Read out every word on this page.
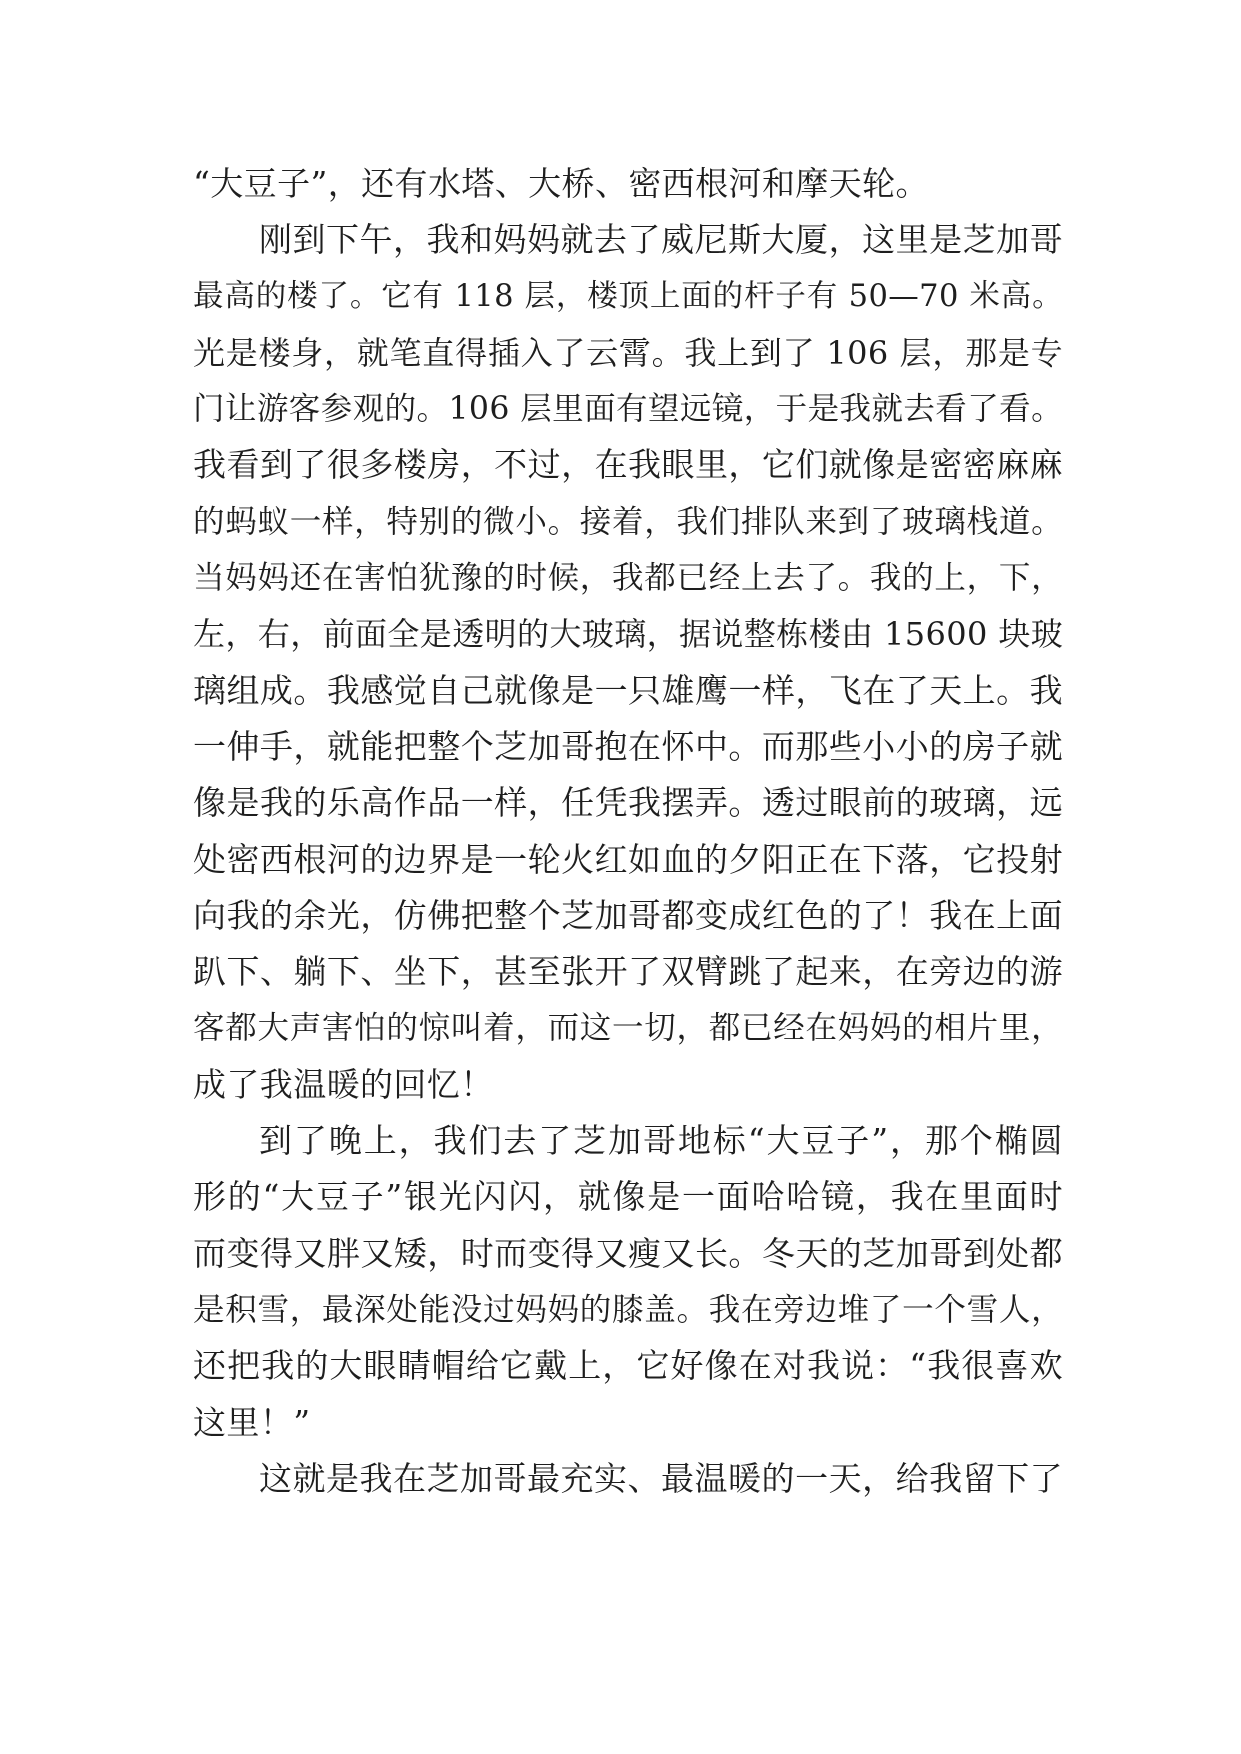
“大豆子”，还有水塔、大桥、密西根河和摩天轮。
刚到下午，我和妈妈就去了威尼斯大厦，这里是芝加哥
最高的楼了。它有 118 层，楼顶上面的杆子有 50—70 米高。
光是楼身，就笔直得插入了云霄。我上到了 106 层，那是专
门让游客参观的。106 层里面有望远镜，于是我就去看了看。
我看到了很多楼房，不过，在我眼里，它们就像是密密麻麻
的蚂蚁一样，特别的微小。接着，我们排队来到了玻璃栈道。
当妈妈还在害怕犹豫的时候，我都已经上去了。我的上，下，
左，右，前面全是透明的大玻璃，据说整栋楼由 15600 块玻
璃组成。我感觉自己就像是一只雄鹰一样，飞在了天上。我
一伸手，就能把整个芝加哥抱在怀中。而那些小小的房子就
像是我的乐高作品一样，任凭我摆弄。透过眼前的玻璃，远
处密西根河的边界是一轮火红如血的夕阳正在下落，它投射
向我的余光，仿佛把整个芝加哥都变成红色的了！我在上面
趴下、躺下、坐下，甚至张开了双臂跳了起来，在旁边的游
客都大声害怕的惊叫着，而这一切，都已经在妈妈的相片里，
成了我温暖的回忆！
到了晚上，我们去了芝加哥地标“大豆子”，那个椭圆
形的“大豆子”银光闪闪，就像是一面哈哈镜，我在里面时
而变得又胖又矮，时而变得又瘦又长。冬天的芝加哥到处都
是积雪，最深处能没过妈妈的膝盖。我在旁边堆了一个雪人，
还把我的大眼睛帽给它戴上，它好像在对我说：“我很喜欢
这里！”
这就是我在芝加哥最充实、最温暖的一天，给我留下了
